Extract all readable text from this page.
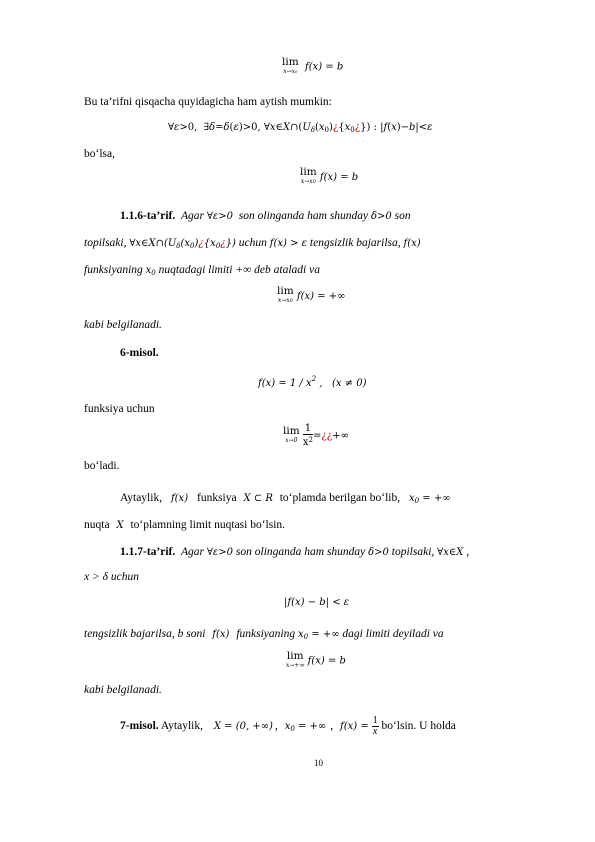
lim
x→x₀ f(x) = b
Bu ta’rifni qisqacha quyidagicha ham aytish mumkin:
∀ε>0,  ∃δ=δ(ε)>0, $\forall x\in X\cap(U_\delta(x_0)¿\{x_0¿\})$ : |f(x)−b|<ε
bo‘lsa,
lim
x→x0 f(x) = b
1.1.6-ta’rif.  Agar ∀ε>0  son olinganda ham shunday δ>0 son
topilsaki, $\forall x\in X\cap(U_\delta(x_0)¿\{x_0¿\})$ uchun f(x) > ε tengsizlik bajarilsa, f(x)
funksiyaning $x_0$ nuqtadagi limiti +∞ deb ataladi va
lim
x→x0 f(x) = +∞
kabi belgilanadi.
6-misol.
$f(x) = 1 / x^2$ ,   (x ≠ 0)
funksiya uchun
lim
x→0
$\frac{1}{x^2}$ =¿¿+∞
bo‘ladi.
Aytaylik, f(x) funksiya X ⊂ R to‘plamda berilgan bo‘lib, $x_0$ = +∞
nuqta X to‘plamning limit nuqtasi bo‘lsin.
1.1.7-ta’rif.  Agar ∀ε>0 son olinganda ham shunday δ>0 topilsaki, ∀x∈X ,
x > δ uchun
|f(x) − b| < ε
tengsizlik bajarilsa, b soni f(x) funksiyaning $x_0$ = +∞ dagi limiti deyiladi va
lim
x→+∞ f(x) = b
kabi belgilanadi.
7-misol. Aytaylik, X = (0, +∞) , $x_0$ = +∞ , $f(x) = \frac{1}{x}$ bo‘lsin. U holda
10
